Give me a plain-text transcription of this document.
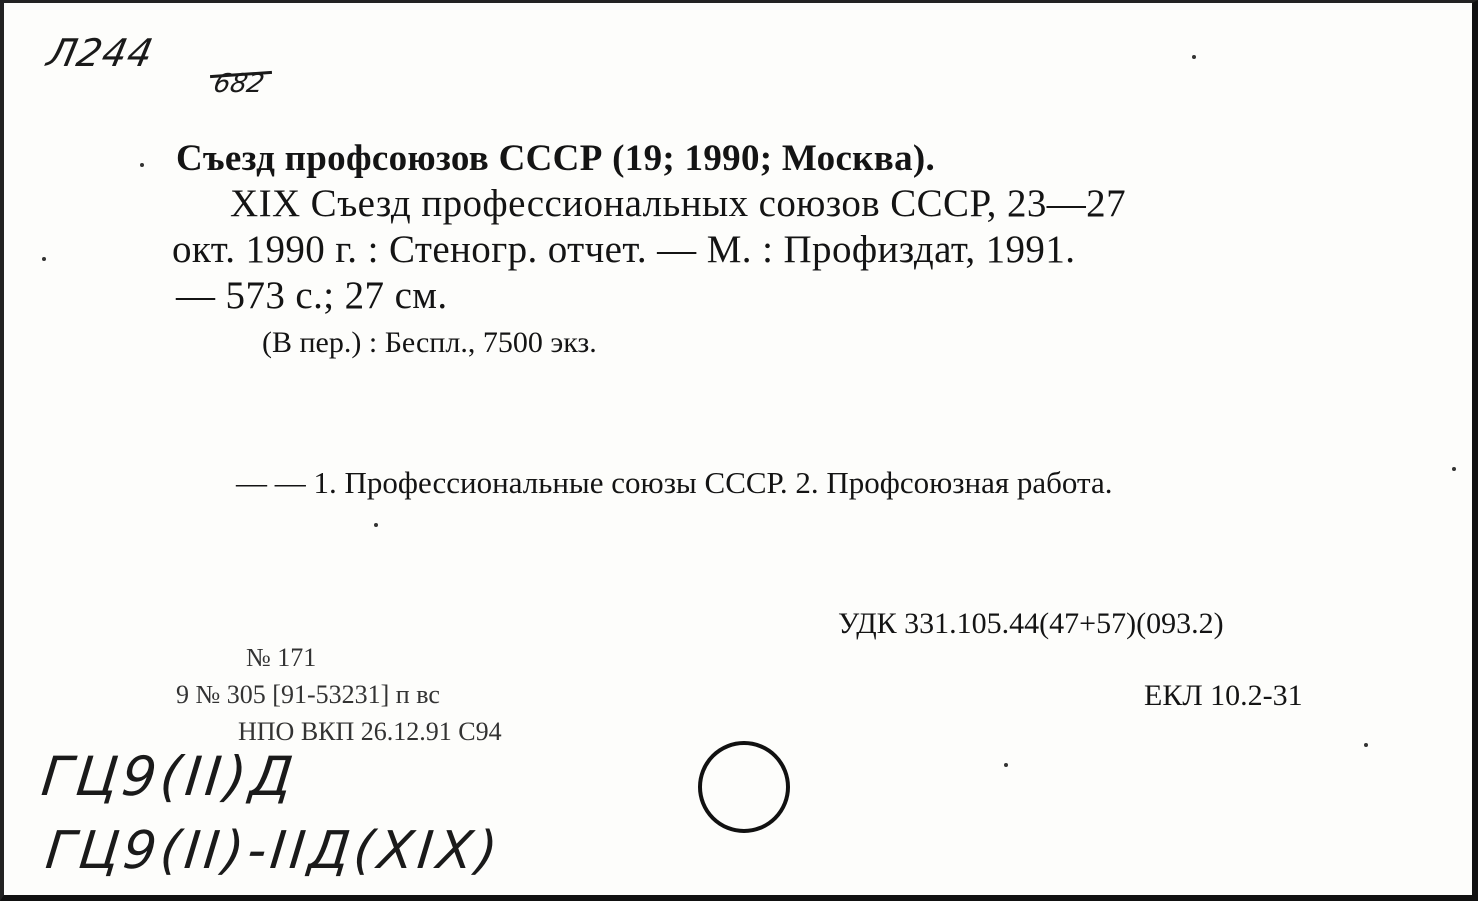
Л244
682
Съезд профсоюзов СССР (19; 1990; Москва).
XIX Съезд профессиональных союзов СССР, 23—27
окт. 1990 г. : Стеногр. отчет. — М. : Профиздат, 1991.
— 573 с.; 27 см.
(В пер.) : Беспл., 7500 экз.
— — 1. Профессиональные союзы СССР. 2. Профсоюзная работа.
УДК 331.105.44(47+57)(093.2)
ЕКЛ 10.2-31
№ 171
9 № 305 [91-53231] п вс
НПО ВКП 26.12.91 С94
ГЦ9(II)Д
ГЦ9(II)-IIД(XIX)
